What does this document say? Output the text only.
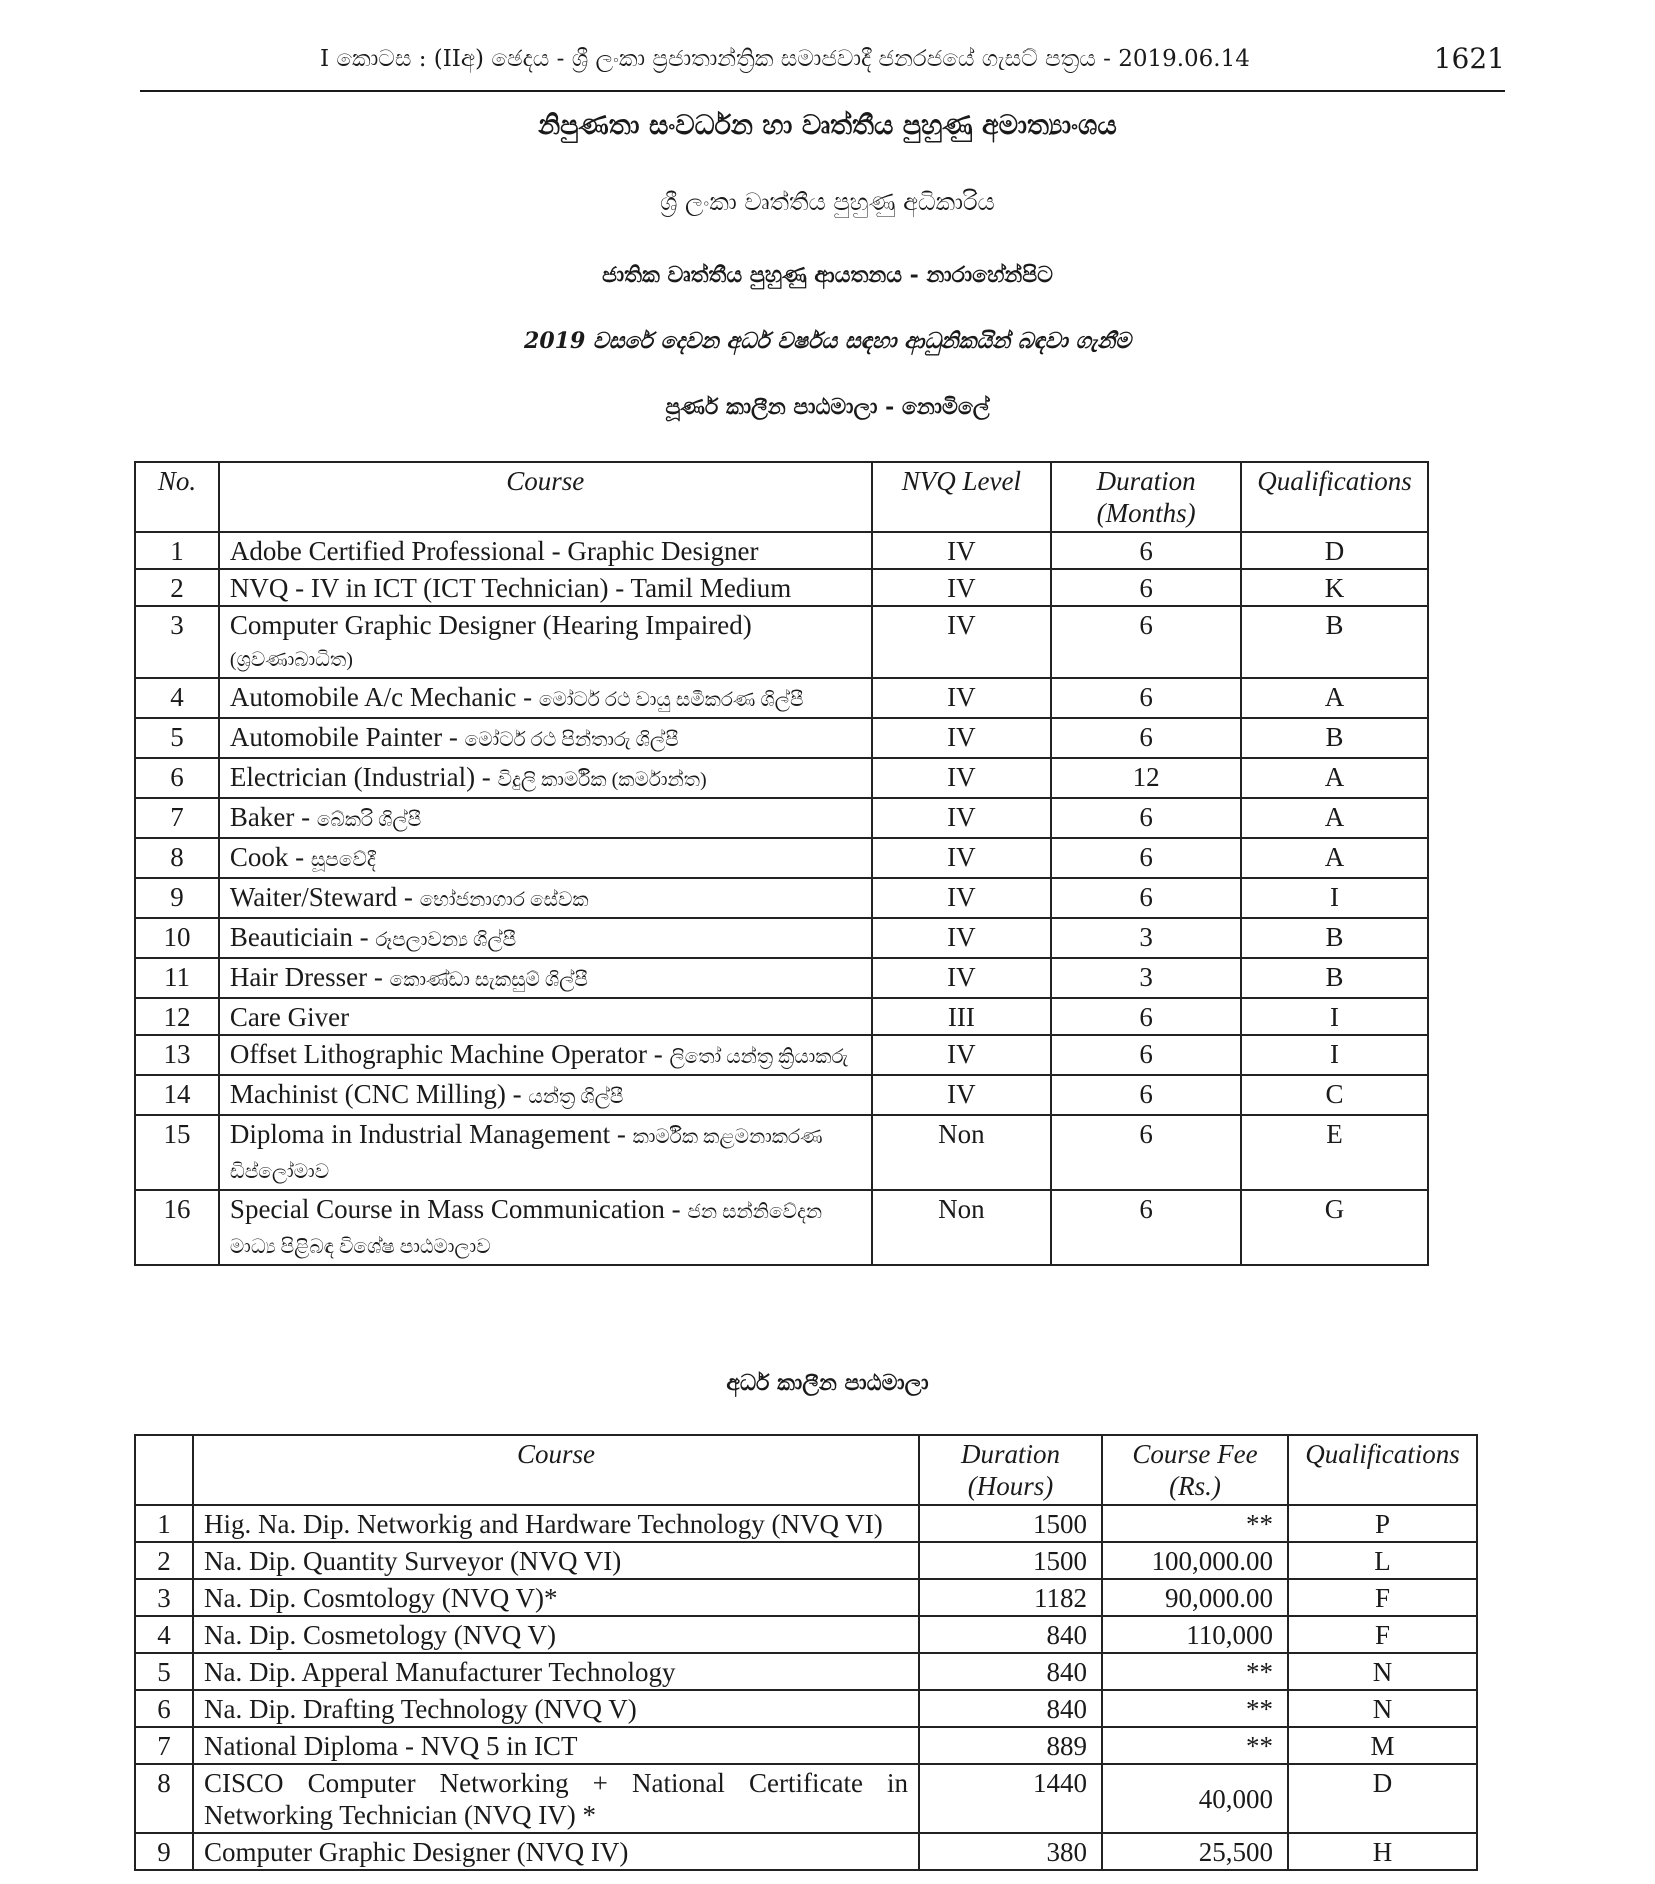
I කොටස : (IIඅ) ඡෙදය - ශ්‍රී ලංකා ප්‍රජාතාන්ත්‍රික සමාජවාදී ජනරජයේ ගැසට් පත්‍රය - 2019.06.14	1621
නිපුණතා සංවර්ධන හා වෘත්තීය පුහුණු අමාත්‍යාංශය
ශ්‍රී ලංකා වෘත්තීය පුහුණු අධිකාරිය
ජාතික වෘත්තීය පුහුණු ආයතනය - නාරාහේන්පිට
2019 වසරේ දෙවන අර්ධ වර්ෂය සඳහා ආධුනිකයින් බඳවා ගැනීම
පූර්ණ කාලීන පාඨමාලා - නොමිලේ
No.	Course	NVQ Level	Duration (Months)	Qualifications
1	Adobe Certified Professional - Graphic Designer	IV	6	D
2	NVQ - IV in ICT (ICT Technician) - Tamil Medium	IV	6	K
3	Computer Graphic Designer (Hearing Impaired) (ශ්‍රවණාබාධිත)	IV	6	B
4	Automobile A/c Mechanic - මෝටර් රථ වායු සමීකරණ ශිල්පී	IV	6	A
5	Automobile Painter - මෝටර් රථ පින්තාරු ශිල්පී	IV	6	B
6	Electrician (Industrial) - විදුලි කාර්මික (කර්මාන්ත)	IV	12	A
7	Baker - බේකරි ශිල්පී	IV	6	A
8	Cook - සූපවේදී	IV	6	A
9	Waiter/Steward - භෝජනාගාර සේවක	IV	6	I
10	Beauticiain - රූපලාවන්‍ය ශිල්පී	IV	3	B
11	Hair Dresser - කොණ්ඩා සැකසුම් ශිල්පී	IV	3	B
12	Care Giver	III	6	I
13	Offset Lithographic Machine Operator - ලිතෝ යන්ත්‍ර ක්‍රියාකරු	IV	6	I
14	Machinist (CNC Milling) - යන්ත්‍ර ශිල්පී	IV	6	C
15	Diploma in Industrial Management - කාර්මික කළමනාකරණ ඩිප්ලෝමාව	Non	6	E
16	Special Course in Mass Communication - ජන සන්නිවේදන මාධ්‍ය පිළිබඳ විශේෂ පාඨමාලාව	Non	6	G
අර්ධ කාලීන පාඨමාලා
	Course	Duration (Hours)	Course Fee (Rs.)	Qualifications
1	Hig. Na. Dip. Networkig and Hardware Technology (NVQ VI)	1500	**	P
2	Na. Dip. Quantity Surveyor (NVQ VI)	1500	100,000.00	L
3	Na. Dip. Cosmtology (NVQ V)*	1182	90,000.00	F
4	Na. Dip. Cosmetology (NVQ V)	840	110,000	F
5	Na. Dip. Apperal Manufacturer Technology	840	**	N
6	Na. Dip. Drafting Technology (NVQ V)	840	**	N
7	National Diploma - NVQ 5 in ICT	889	**	M
8	CISCO Computer Networking + National Certificate in Networking Technician (NVQ IV) *	1440	40,000	D
9	Computer Graphic Designer (NVQ IV)	380	25,500	H
